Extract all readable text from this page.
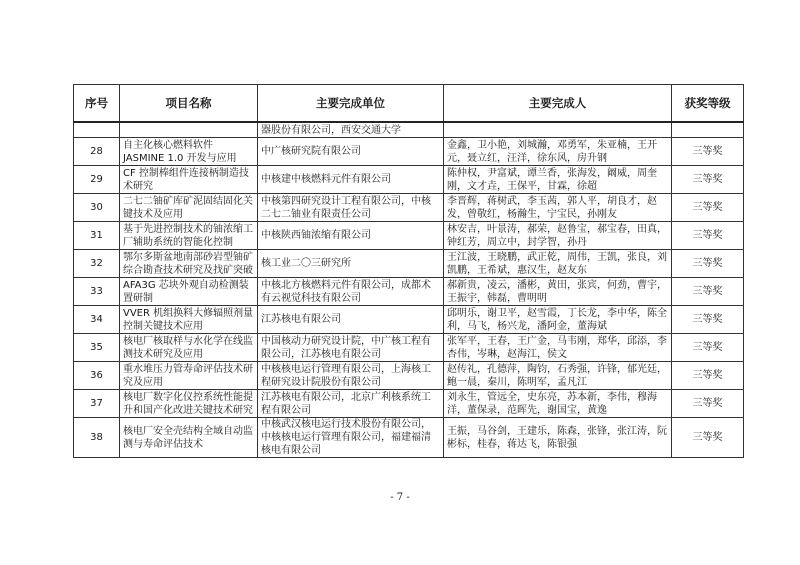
序号	项目名称	主要完成单位	主要完成人	获奖等级
		器股份有限公司，西安交通大学		
28	自主化核心燃料软件 JASMINE 1.0 开发与应用	中广核研究院有限公司	金鑫，卫小艳，刘城瀚，邓勇军，朱亚楠，王开元，聂立红，汪洋，徐东风，房升钢	三等奖
29	CF 控制棒组件连接柄制造技术研究	中核建中核燃料元件有限公司	陈仲权，尹富斌，谭兰香，张海发，阚威，周奎刚，文才垚，王保平，甘霖，徐超	三等奖
30	二七二铀矿库矿泥固结固化关键技术及应用	中核第四研究设计工程有限公司，中核二七二铀业有限责任公司	李晋辉，蒋树武，李玉茜，郭人平，胡良才，赵发，曾敬红，杨瀚生，宁宝民，孙刚友	三等奖
31	基于先进控制技术的铀浓缩工厂辅助系统的智能化控制	中核陕西铀浓缩有限公司	林安吉，叶景涛，郝荣，赵鲁宝，郝宝春，田真，钟红芳，周立中，封学智，孙丹	三等奖
32	鄂尔多斯盆地南部砂岩型铀矿综合勘查技术研究及找矿突破	核工业二〇三研究所	王江波，王晓鹏，武正乾，周伟，王凯，张良，刘凯鹏，王希斌，惠汉生，赵友东	三等奖
33	AFA3G 芯块外观自动检测装置研制	中核北方核燃料元件有限公司，成都术有云视觉科技有限公司	郝新贵，凌云，潘彬，黄田，张宾，何劲，曹宇，王振宇，韩磊，曹明明	三等奖
34	VVER 机组换料大修辐照剂量控制关键技术应用	江苏核电有限公司	邱明乐，谢卫平，赵雪霞，丁长龙，李中华，陈全利，马飞，杨兴龙，潘阿金，董海斌	三等奖
35	核电厂核取样与水化学在线监测技术研究及应用	中国核动力研究设计院，中广核工程有限公司，江苏核电有限公司	张军平，王春，王广金，马韦刚，郑华，邱添，李杏伟，岑琳，赵海江，侯文	三等奖
36	重水堆压力管寿命评估技术研究及应用	中核核电运行管理有限公司，上海核工程研究设计院股份有限公司	赵传礼，孔德萍，陶钧，石秀强，许锋，郁光廷，鲍一晨，秦川，陈明军，孟凡江	三等奖
37	核电厂数字化仪控系统性能提升和国产化改进关键技术研究	江苏核电有限公司，北京广利核系统工程有限公司	刘永生，管远全，史东亮，苏本新，李伟，穆海洋，董保录，范晖先，谢国宝，黄逸	三等奖
38	核电厂安全壳结构全域自动监测与寿命评估技术	中核武汉核电运行技术股份有限公司，中核核电运行管理有限公司，福建福清核电有限公司	王振，马谷剑，王建乐，陈森，张锋，张江涛，阮彬标，桂春，蒋达飞，陈银强	三等奖
- 7 -
